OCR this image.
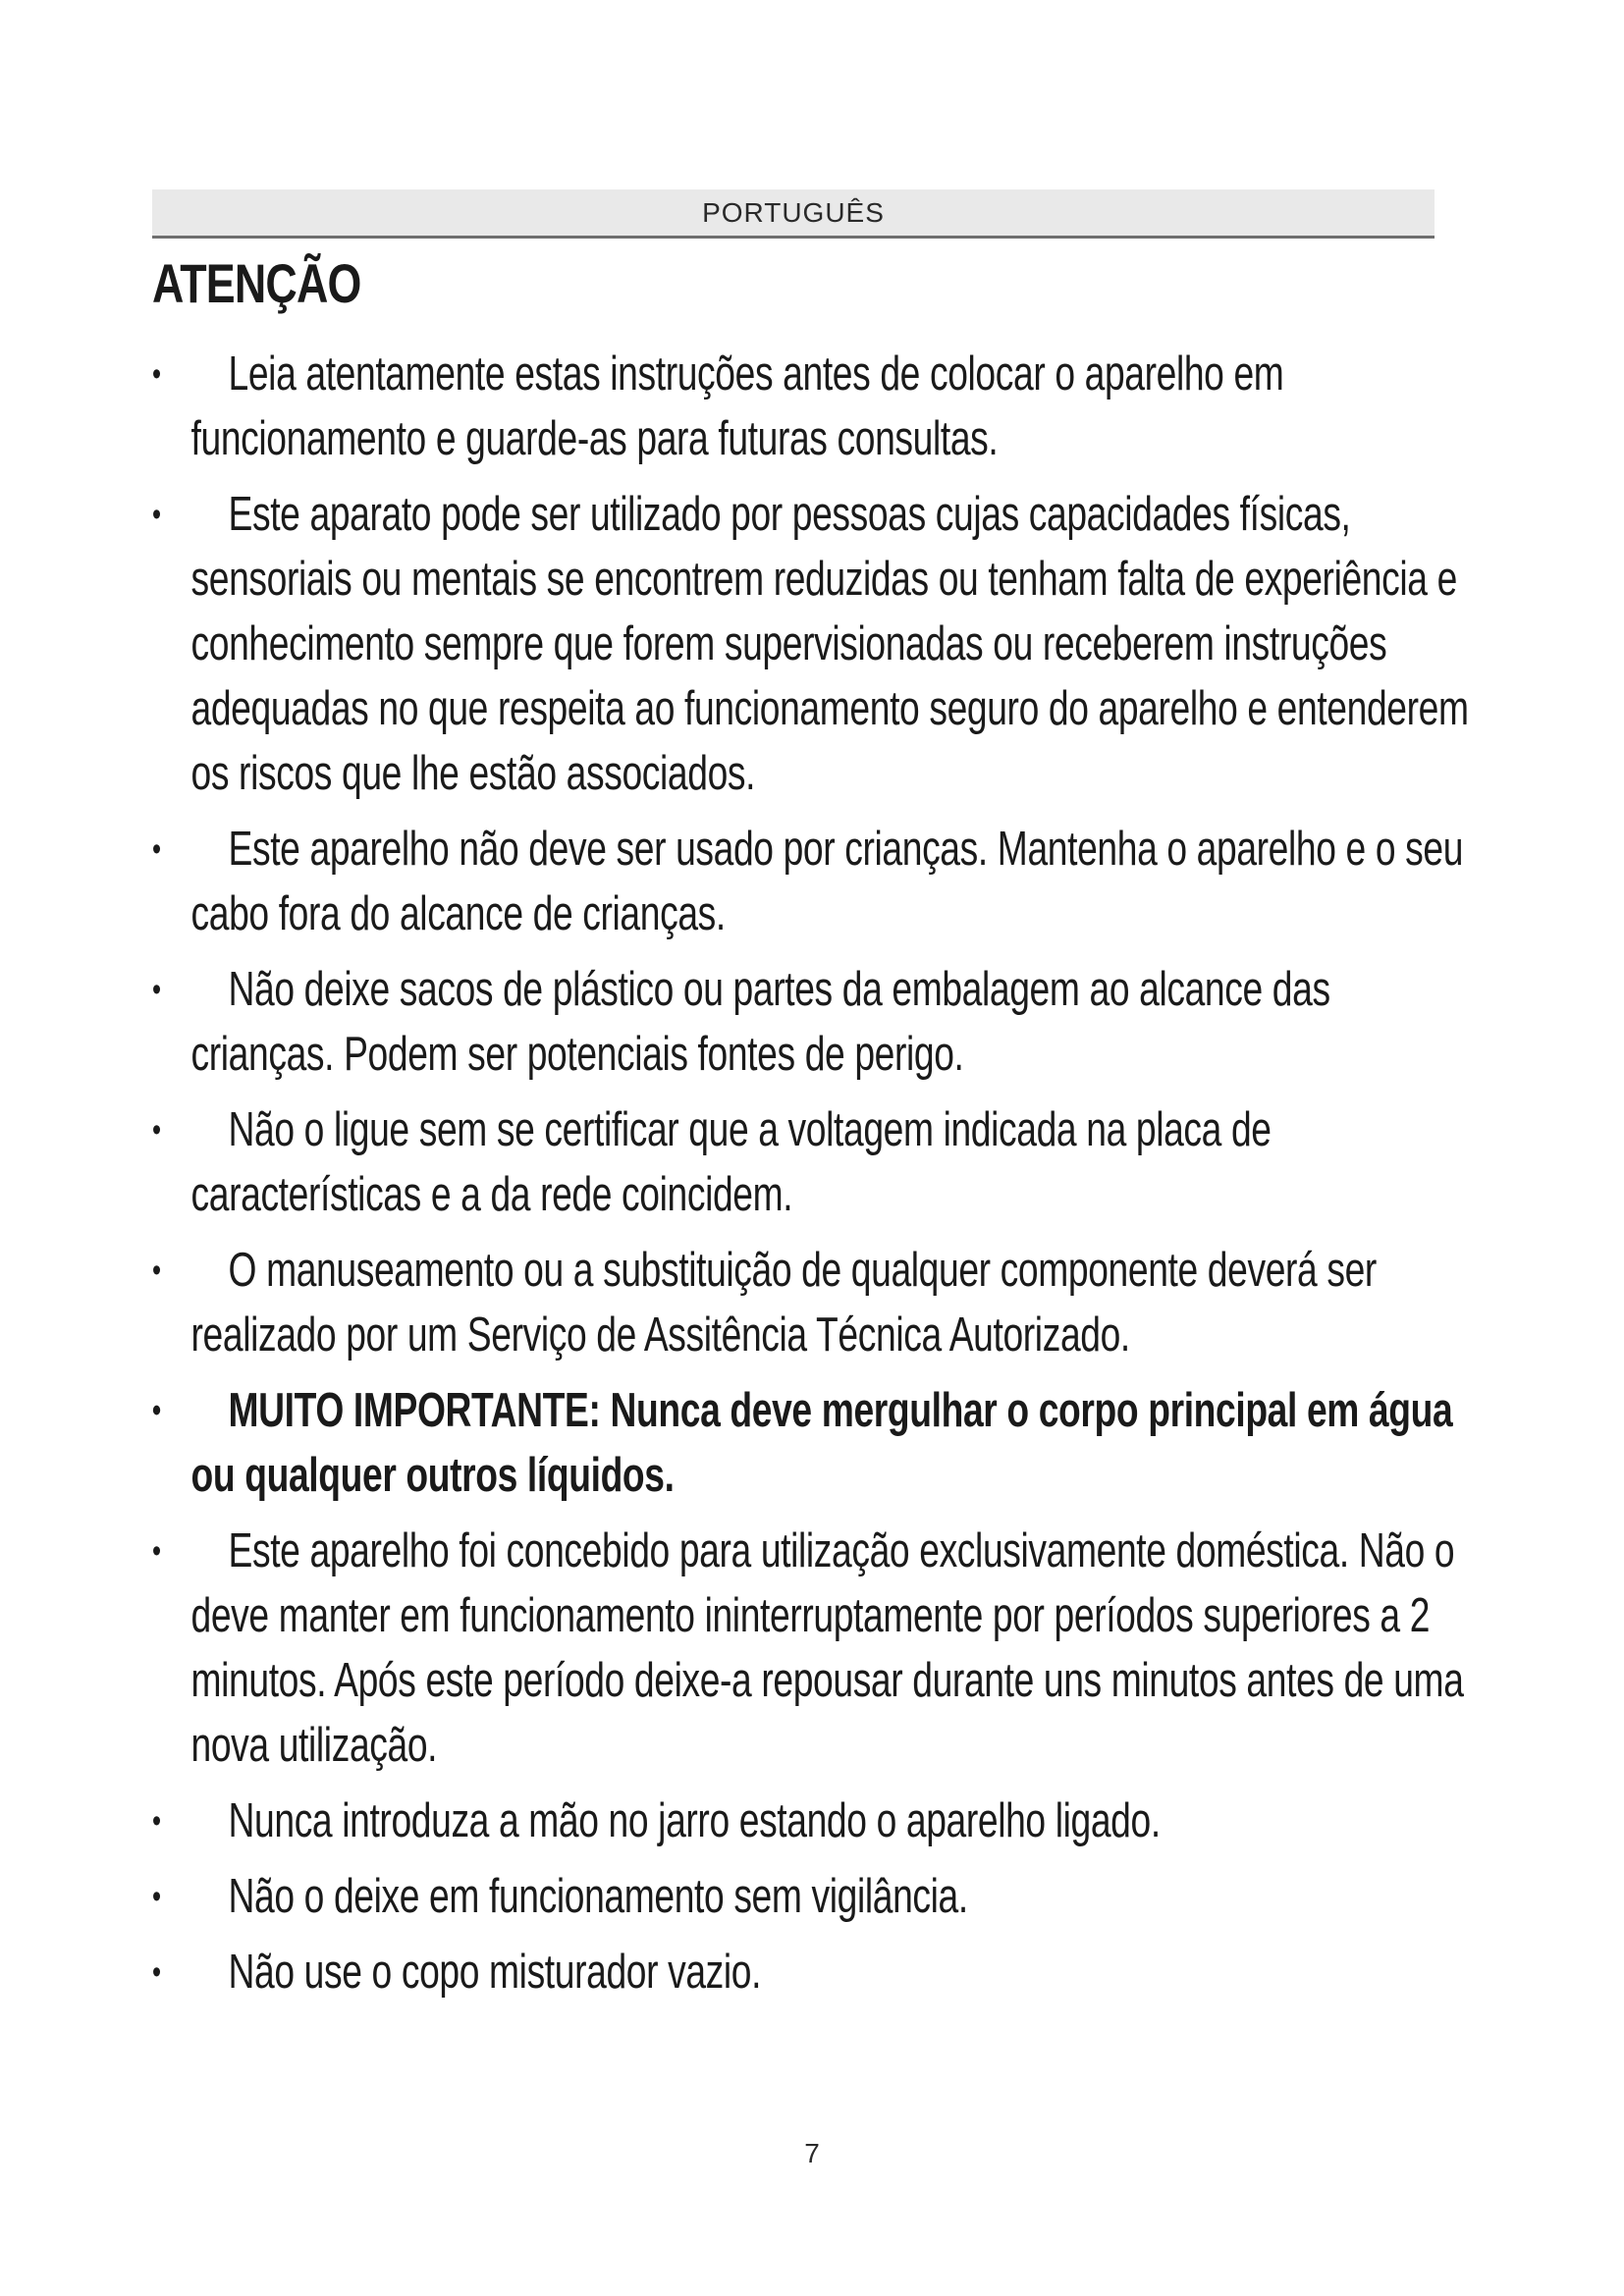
PORTUGUÊS
ATENÇÃO
•	Leia atentamente estas instruções antes de colocar o aparelho em funcionamento e guarde-as para futuras consultas.
•	Este aparato pode ser utilizado por pessoas cujas capacidades físicas, sensoriais ou mentais se encontrem reduzidas ou tenham falta de experiência e conhecimento sempre que forem supervisionadas ou receberem instruções adequadas no que respeita ao funcionamento seguro do aparelho e entenderem os riscos que lhe estão associados.
•	Este aparelho não deve ser usado por crianças. Mantenha o aparelho e o seu cabo fora do alcance de crianças.
•	Não deixe sacos de plástico ou partes da embalagem ao alcance das crianças. Podem ser potenciais fontes de perigo.
•	Não o ligue sem se certificar que a voltagem indicada na placa de características e a da rede coincidem.
•	O manuseamento ou a substituição de qualquer componente deverá ser realizado por um Serviço de Assitência Técnica Autorizado.
•	MUITO IMPORTANTE: Nunca deve mergulhar o corpo principal em água ou qualquer outros líquidos.
•	Este aparelho foi concebido para utilização exclusivamente doméstica. Não o deve manter em funcionamento ininterruptamente por períodos superiores a 2 minutos. Após este período deixe-a repousar durante uns minutos antes de uma nova utilização.
•	Nunca introduza a mão no jarro estando o aparelho ligado.
•	Não o deixe em funcionamento sem vigilância.
•	Não use o copo misturador vazio.
7
